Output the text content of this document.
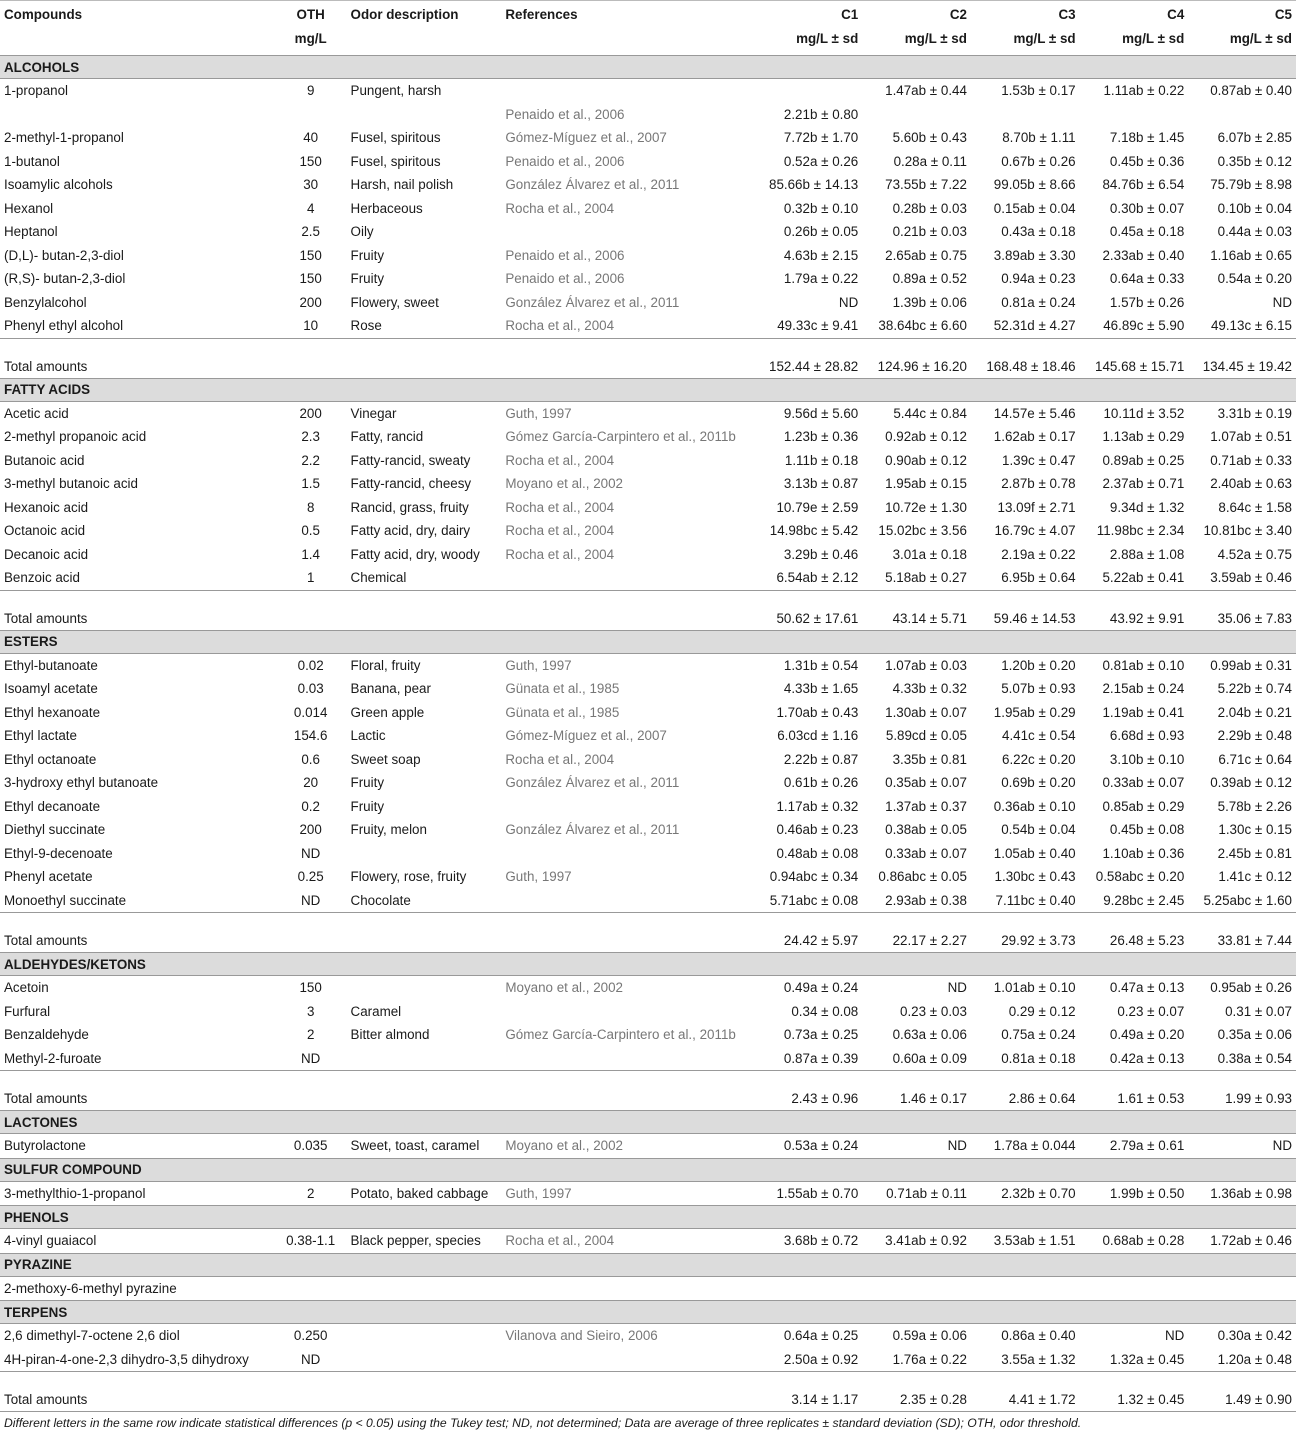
Compounds	OTH	Odor description	References	C1	C2	C3	C4	C5
	mg/L			mg/L ± sd	mg/L ± sd	mg/L ± sd	mg/L ± sd	mg/L ± sd
ALCOHOLS								
1-propanol	9	Pungent, harsh			1.47ab ± 0.44	1.53b ± 0.17	1.11ab ± 0.22	0.87ab ± 0.40
			Penaido et al., 2006	2.21b ± 0.80				
2-methyl-1-propanol	40	Fusel, spiritous	Gómez-Míguez et al., 2007	7.72b ± 1.70	5.60b ± 0.43	8.70b ± 1.11	7.18b ± 1.45	6.07b ± 2.85
1-butanol	150	Fusel, spiritous	Penaido et al., 2006	0.52a ± 0.26	0.28a ± 0.11	0.67b ± 0.26	0.45b ± 0.36	0.35b ± 0.12
Isoamylic alcohols	30	Harsh, nail polish	González Álvarez et al., 2011	85.66b ± 14.13	73.55b ± 7.22	99.05b ± 8.66	84.76b ± 6.54	75.79b ± 8.98
Hexanol	4	Herbaceous	Rocha et al., 2004	0.32b ± 0.10	0.28b ± 0.03	0.15ab ± 0.04	0.30b ± 0.07	0.10b ± 0.04
Heptanol	2.5	Oily		0.26b ± 0.05	0.21b ± 0.03	0.43a ± 0.18	0.45a ± 0.18	0.44a ± 0.03
(D,L)- butan-2,3-diol	150	Fruity	Penaido et al., 2006	4.63b ± 2.15	2.65ab ± 0.75	3.89ab ± 3.30	2.33ab ± 0.40	1.16ab ± 0.65
(R,S)- butan-2,3-diol	150	Fruity	Penaido et al., 2006	1.79a ± 0.22	0.89a ± 0.52	0.94a ± 0.23	0.64a ± 0.33	0.54a ± 0.20
Benzylalcohol	200	Flowery, sweet	González Álvarez et al., 2011	ND	1.39b ± 0.06	0.81a ± 0.24	1.57b ± 0.26	ND
Phenyl ethyl alcohol	10	Rose	Rocha et al., 2004	49.33c ± 9.41	38.64bc ± 6.60	52.31d ± 4.27	46.89c ± 5.90	49.13c ± 6.15
Total amounts				152.44 ± 28.82	124.96 ± 16.20	168.48 ± 18.46	145.68 ± 15.71	134.45 ± 19.42
FATTY ACIDS								
Acetic acid	200	Vinegar	Guth, 1997	9.56d ± 5.60	5.44c ± 0.84	14.57e ± 5.46	10.11d ± 3.52	3.31b ± 0.19
2-methyl propanoic acid	2.3	Fatty, rancid	Gómez García-Carpintero et al., 2011b	1.23b ± 0.36	0.92ab ± 0.12	1.62ab ± 0.17	1.13ab ± 0.29	1.07ab ± 0.51
Butanoic acid	2.2	Fatty-rancid, sweaty	Rocha et al., 2004	1.11b ± 0.18	0.90ab ± 0.12	1.39c ± 0.47	0.89ab ± 0.25	0.71ab ± 0.33
3-methyl butanoic acid	1.5	Fatty-rancid, cheesy	Moyano et al., 2002	3.13b ± 0.87	1.95ab ± 0.15	2.87b ± 0.78	2.37ab ± 0.71	2.40ab ± 0.63
Hexanoic acid	8	Rancid, grass, fruity	Rocha et al., 2004	10.79e ± 2.59	10.72e ± 1.30	13.09f ± 2.71	9.34d ± 1.32	8.64c ± 1.58
Octanoic acid	0.5	Fatty acid, dry, dairy	Rocha et al., 2004	14.98bc ± 5.42	15.02bc ± 3.56	16.79c ± 4.07	11.98bc ± 2.34	10.81bc ± 3.40
Decanoic acid	1.4	Fatty acid, dry, woody	Rocha et al., 2004	3.29b ± 0.46	3.01a ± 0.18	2.19a ± 0.22	2.88a ± 1.08	4.52a ± 0.75
Benzoic acid	1	Chemical		6.54ab ± 2.12	5.18ab ± 0.27	6.95b ± 0.64	5.22ab ± 0.41	3.59ab ± 0.46
Total amounts				50.62 ± 17.61	43.14 ± 5.71	59.46 ± 14.53	43.92 ± 9.91	35.06 ± 7.83
ESTERS								
Ethyl-butanoate	0.02	Floral, fruity	Guth, 1997	1.31b ± 0.54	1.07ab ± 0.03	1.20b ± 0.20	0.81ab ± 0.10	0.99ab ± 0.31
Isoamyl acetate	0.03	Banana, pear	Günata et al., 1985	4.33b ± 1.65	4.33b ± 0.32	5.07b ± 0.93	2.15ab ± 0.24	5.22b ± 0.74
Ethyl hexanoate	0.014	Green apple	Günata et al., 1985	1.70ab ± 0.43	1.30ab ± 0.07	1.95ab ± 0.29	1.19ab ± 0.41	2.04b ± 0.21
Ethyl lactate	154.6	Lactic	Gómez-Míguez et al., 2007	6.03cd ± 1.16	5.89cd ± 0.05	4.41c ± 0.54	6.68d ± 0.93	2.29b ± 0.48
Ethyl octanoate	0.6	Sweet soap	Rocha et al., 2004	2.22b ± 0.87	3.35b ± 0.81	6.22c ± 0.20	3.10b ± 0.10	6.71c ± 0.64
3-hydroxy ethyl butanoate	20	Fruity	González Álvarez et al., 2011	0.61b ± 0.26	0.35ab ± 0.07	0.69b ± 0.20	0.33ab ± 0.07	0.39ab ± 0.12
Ethyl decanoate	0.2	Fruity		1.17ab ± 0.32	1.37ab ± 0.37	0.36ab ± 0.10	0.85ab ± 0.29	5.78b ± 2.26
Diethyl succinate	200	Fruity, melon	González Álvarez et al., 2011	0.46ab ± 0.23	0.38ab ± 0.05	0.54b ± 0.04	0.45b ± 0.08	1.30c ± 0.15
Ethyl-9-decenoate	ND			0.48ab ± 0.08	0.33ab ± 0.07	1.05ab ± 0.40	1.10ab ± 0.36	2.45b ± 0.81
Phenyl acetate	0.25	Flowery, rose, fruity	Guth, 1997	0.94abc ± 0.34	0.86abc ± 0.05	1.30bc ± 0.43	0.58abc ± 0.20	1.41c ± 0.12
Monoethyl succinate	ND	Chocolate		5.71abc ± 0.08	2.93ab ± 0.38	7.11bc ± 0.40	9.28bc ± 2.45	5.25abc ± 1.60
Total amounts				24.42 ± 5.97	22.17 ± 2.27	29.92 ± 3.73	26.48 ± 5.23	33.81 ± 7.44
ALDEHYDES/KETONS								
Acetoin	150		Moyano et al., 2002	0.49a ± 0.24	ND	1.01ab ± 0.10	0.47a ± 0.13	0.95ab ± 0.26
Furfural	3	Caramel		0.34 ± 0.08	0.23 ± 0.03	0.29 ± 0.12	0.23 ± 0.07	0.31 ± 0.07
Benzaldehyde	2	Bitter almond	Gómez García-Carpintero et al., 2011b	0.73a ± 0.25	0.63a ± 0.06	0.75a ± 0.24	0.49a ± 0.20	0.35a ± 0.06
Methyl-2-furoate	ND			0.87a ± 0.39	0.60a ± 0.09	0.81a ± 0.18	0.42a ± 0.13	0.38a ± 0.54
Total amounts				2.43 ± 0.96	1.46 ± 0.17	2.86 ± 0.64	1.61 ± 0.53	1.99 ± 0.93
LACTONES								
Butyrolactone	0.035	Sweet, toast, caramel	Moyano et al., 2002	0.53a ± 0.24	ND	1.78a ± 0.044	2.79a ± 0.61	ND
SULFUR COMPOUND								
3-methylthio-1-propanol	2	Potato, baked cabbage	Guth, 1997	1.55ab ± 0.70	0.71ab ± 0.11	2.32b ± 0.70	1.99b ± 0.50	1.36ab ± 0.98
PHENOLS								
4-vinyl guaiacol	0.38-1.1	Black pepper, species	Rocha et al., 2004	3.68b ± 0.72	3.41ab ± 0.92	3.53ab ± 1.51	0.68ab ± 0.28	1.72ab ± 0.46
PYRAZINE								
2-methoxy-6-methyl pyrazine								
TERPENS								
2,6 dimethyl-7-octene 2,6 diol	0.250		Vilanova and Sieiro, 2006	0.64a ± 0.25	0.59a ± 0.06	0.86a ± 0.40	ND	0.30a ± 0.42
4H-piran-4-one-2,3 dihydro-3,5 dihydroxy	ND			2.50a ± 0.92	1.76a ± 0.22	3.55a ± 1.32	1.32a ± 0.45	1.20a ± 0.48
Total amounts				3.14 ± 1.17	2.35 ± 0.28	4.41 ± 1.72	1.32 ± 0.45	1.49 ± 0.90
Different letters in the same row indicate statistical differences (p < 0.05) using the Tukey test; ND, not determined; Data are average of three replicates ± standard deviation (SD); OTH, odor threshold.								
